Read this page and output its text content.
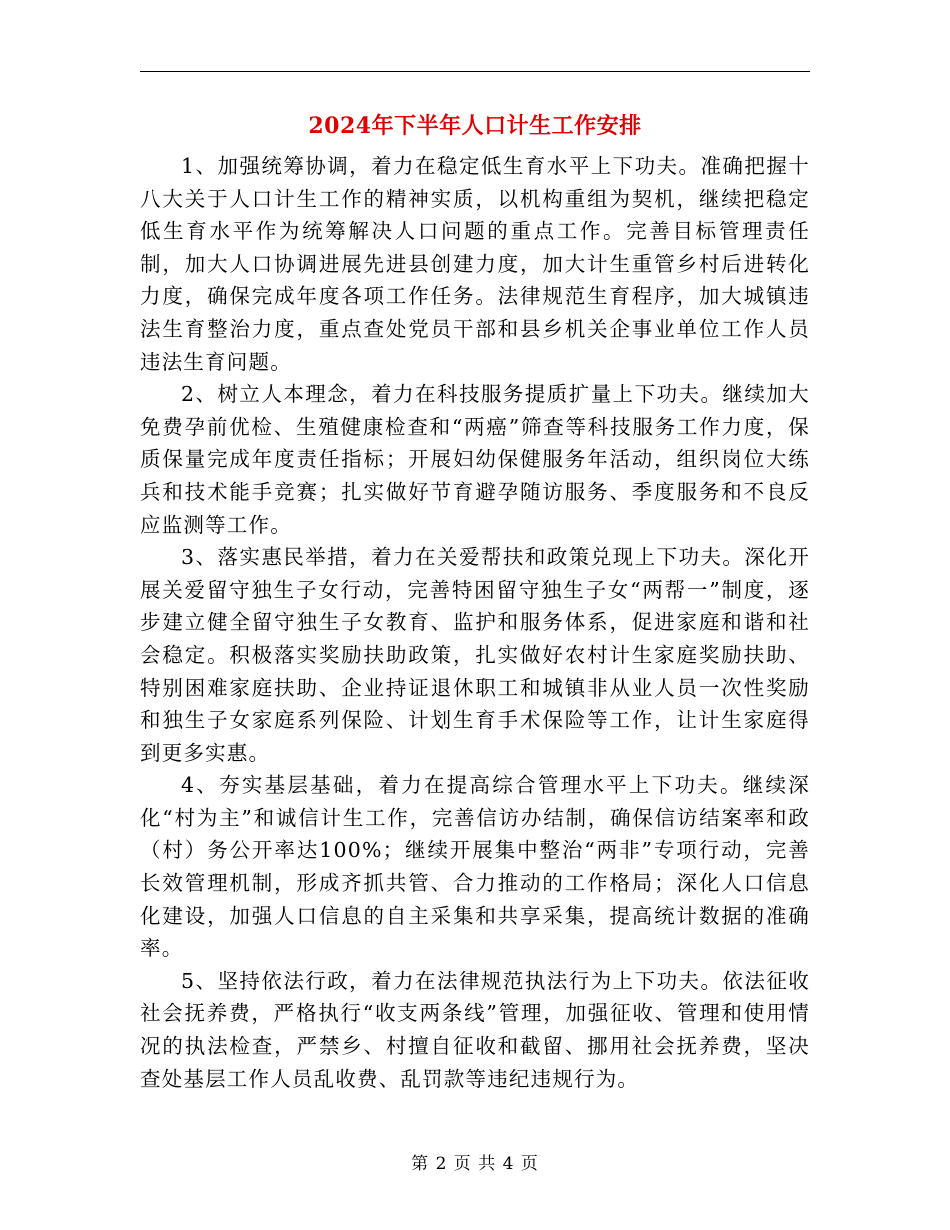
2024年下半年人口计生工作安排

1、加强统筹协调，着力在稳定低生育水平上下功夫。准确把握十八大关于人口计生工作的精神实质，以机构重组为契机，继续把稳定低生育水平作为统筹解决人口问题的重点工作。完善目标管理责任制，加大人口协调进展先进县创建力度，加大计生重管乡村后进转化力度，确保完成年度各项工作任务。法律规范生育程序，加大城镇违法生育整治力度，重点查处党员干部和县乡机关企事业单位工作人员违法生育问题。

2、树立人本理念，着力在科技服务提质扩量上下功夫。继续加大免费孕前优检、生殖健康检查和“两癌”筛查等科技服务工作力度，保质保量完成年度责任指标；开展妇幼保健服务年活动，组织岗位大练兵和技术能手竞赛；扎实做好节育避孕随访服务、季度服务和不良反应监测等工作。

3、落实惠民举措，着力在关爱帮扶和政策兑现上下功夫。深化开展关爱留守独生子女行动，完善特困留守独生子女“两帮一”制度，逐步建立健全留守独生子女教育、监护和服务体系，促进家庭和谐和社会稳定。积极落实奖励扶助政策，扎实做好农村计生家庭奖励扶助、特别困难家庭扶助、企业持证退休职工和城镇非从业人员一次性奖励和独生子女家庭系列保险、计划生育手术保险等工作，让计生家庭得到更多实惠。

4、夯实基层基础，着力在提高综合管理水平上下功夫。继续深化“村为主”和诚信计生工作，完善信访办结制，确保信访结案率和政（村）务公开率达100%；继续开展集中整治“两非”专项行动，完善长效管理机制，形成齐抓共管、合力推动的工作格局；深化人口信息化建设，加强人口信息的自主采集和共享采集，提高统计数据的准确率。

5、坚持依法行政，着力在法律规范执法行为上下功夫。依法征收社会抚养费，严格执行“收支两条线”管理，加强征收、管理和使用情况的执法检查，严禁乡、村擅自征收和截留、挪用社会抚养费，坚决查处基层工作人员乱收费、乱罚款等违纪违规行为。

第 2 页 共 4 页
